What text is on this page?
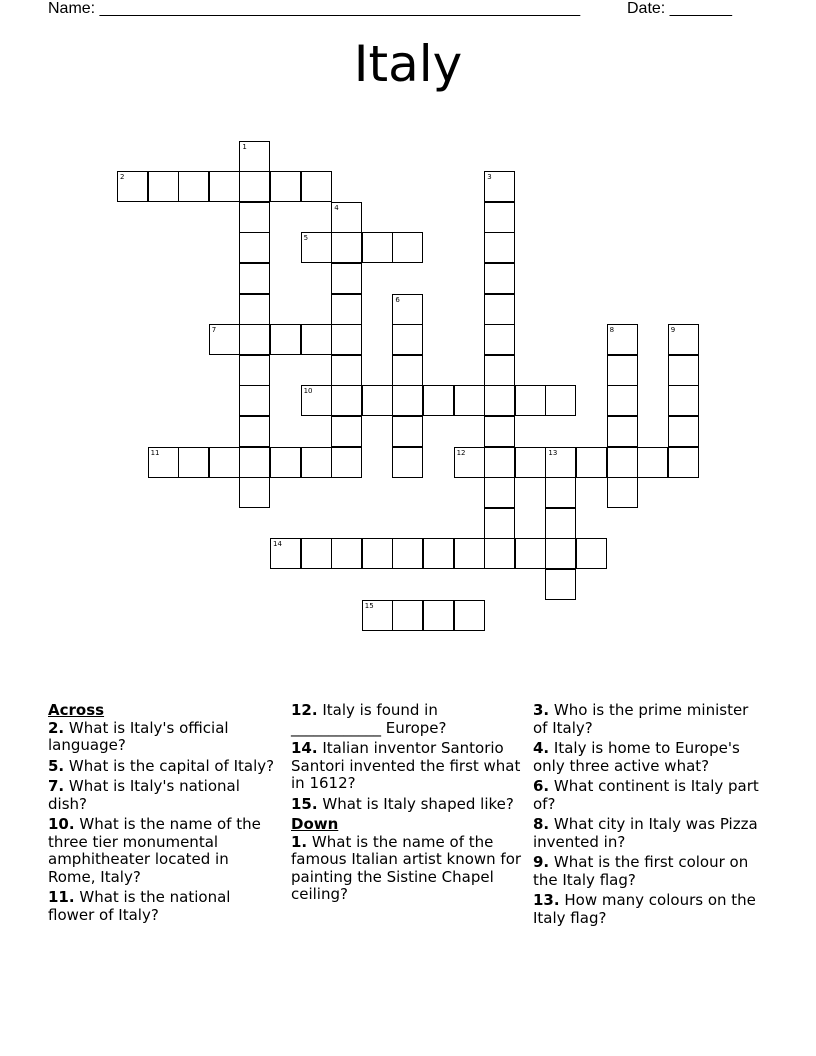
Name: ______________________________________________________	Date: _______
Italy
1
2	3
4
5
6
7	8	9
10
11	12	13
14
15
Across
2. What is Italy's official language?
5. What is the capital of Italy?
7. What is Italy's national dish?
10. What is the name of the three tier monumental amphitheater located in Rome, Italy?
11. What is the national flower of Italy?
12. Italy is found in ____________ Europe?
14. Italian inventor Santorio Santori invented the first what in 1612?
15. What is Italy shaped like?
Down
1. What is the name of the famous Italian artist known for painting the Sistine Chapel ceiling?
3. Who is the prime minister of Italy?
4. Italy is home to Europe's only three active what?
6. What continent is Italy part of?
8. What city in Italy was Pizza invented in?
9. What is the first colour on the Italy flag?
13. How many colours on the Italy flag?
